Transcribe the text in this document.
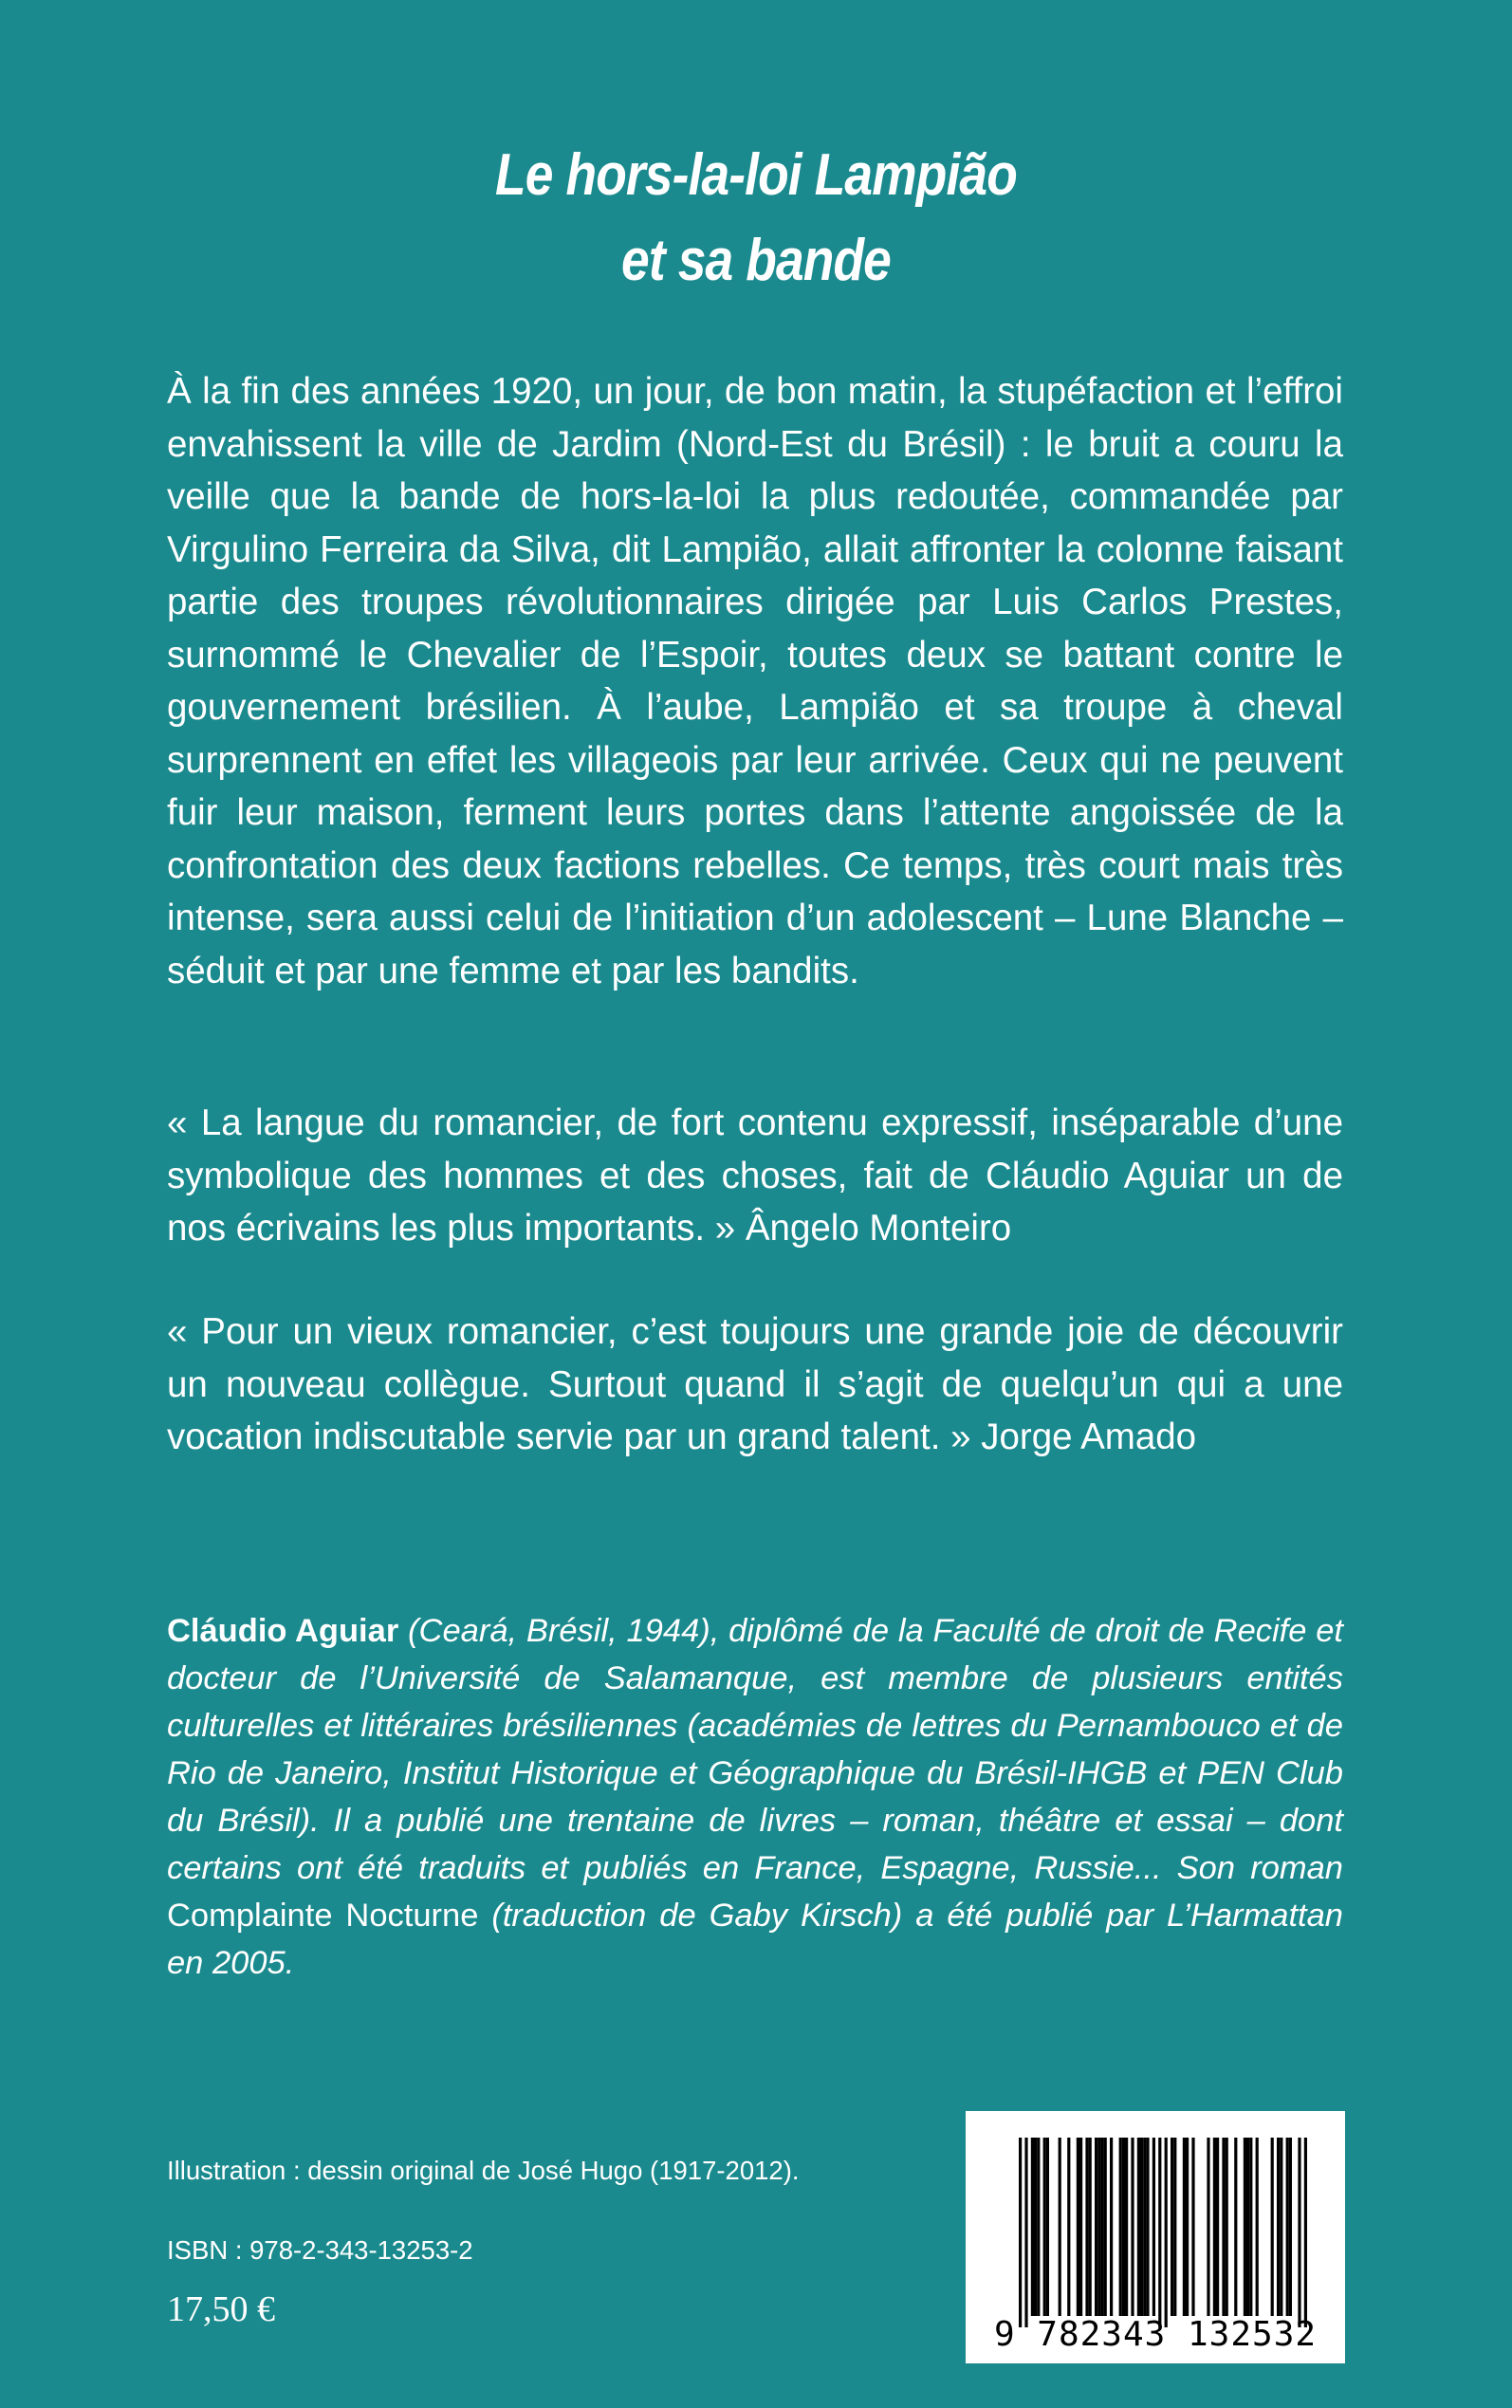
Le hors-la-loi Lampião
et sa bande

À la fin des années 1920, un jour, de bon matin, la stupéfaction et l’effroi envahissent la ville de Jardim (Nord-Est du Brésil) : le bruit a couru la veille que la bande de hors-la-loi la plus redoutée, commandée par Virgulino Ferreira da Silva, dit Lampião, allait affronter la colonne faisant partie des troupes révolutionnaires dirigée par Luis Carlos Prestes, surnommé le Chevalier de l’Espoir, toutes deux se battant contre le gouvernement brésilien. À l’aube, Lampião et sa troupe à cheval surprennent en effet les villageois par leur arrivée. Ceux qui ne peuvent fuir leur maison, ferment leurs portes dans l’attente angoissée de la confrontation des deux factions rebelles. Ce temps, très court mais très intense, sera aussi celui de l’initiation d’un adolescent – Lune Blanche – séduit et par une femme et par les bandits.

« La langue du romancier, de fort contenu expressif, inséparable d’une symbolique des hommes et des choses, fait de Cláudio Aguiar un de nos écrivains les plus importants. » Ângelo Monteiro

« Pour un vieux romancier, c’est toujours une grande joie de découvrir un nouveau collègue. Surtout quand il s’agit de quelqu’un qui a une vocation indiscutable servie par un grand talent. » Jorge Amado

Cláudio Aguiar (Ceará, Brésil, 1944), diplômé de la Faculté de droit de Recife et docteur de l’Université de Salamanque, est membre de plusieurs entités culturelles et littéraires brésiliennes (académies de lettres du Pernambouco et de Rio de Janeiro, Institut Historique et Géographique du Brésil-IHGB et PEN Club du Brésil). Il a publié une trentaine de livres – roman, théâtre et essai – dont certains ont été traduits et publiés en France, Espagne, Russie... Son roman Complainte Nocturne (traduction de Gaby Kirsch) a été publié par L’Harmattan en 2005.

Illustration : dessin original de José Hugo (1917-2012).
ISBN : 978-2-343-13253-2
17,50 €
9 782343 132532
